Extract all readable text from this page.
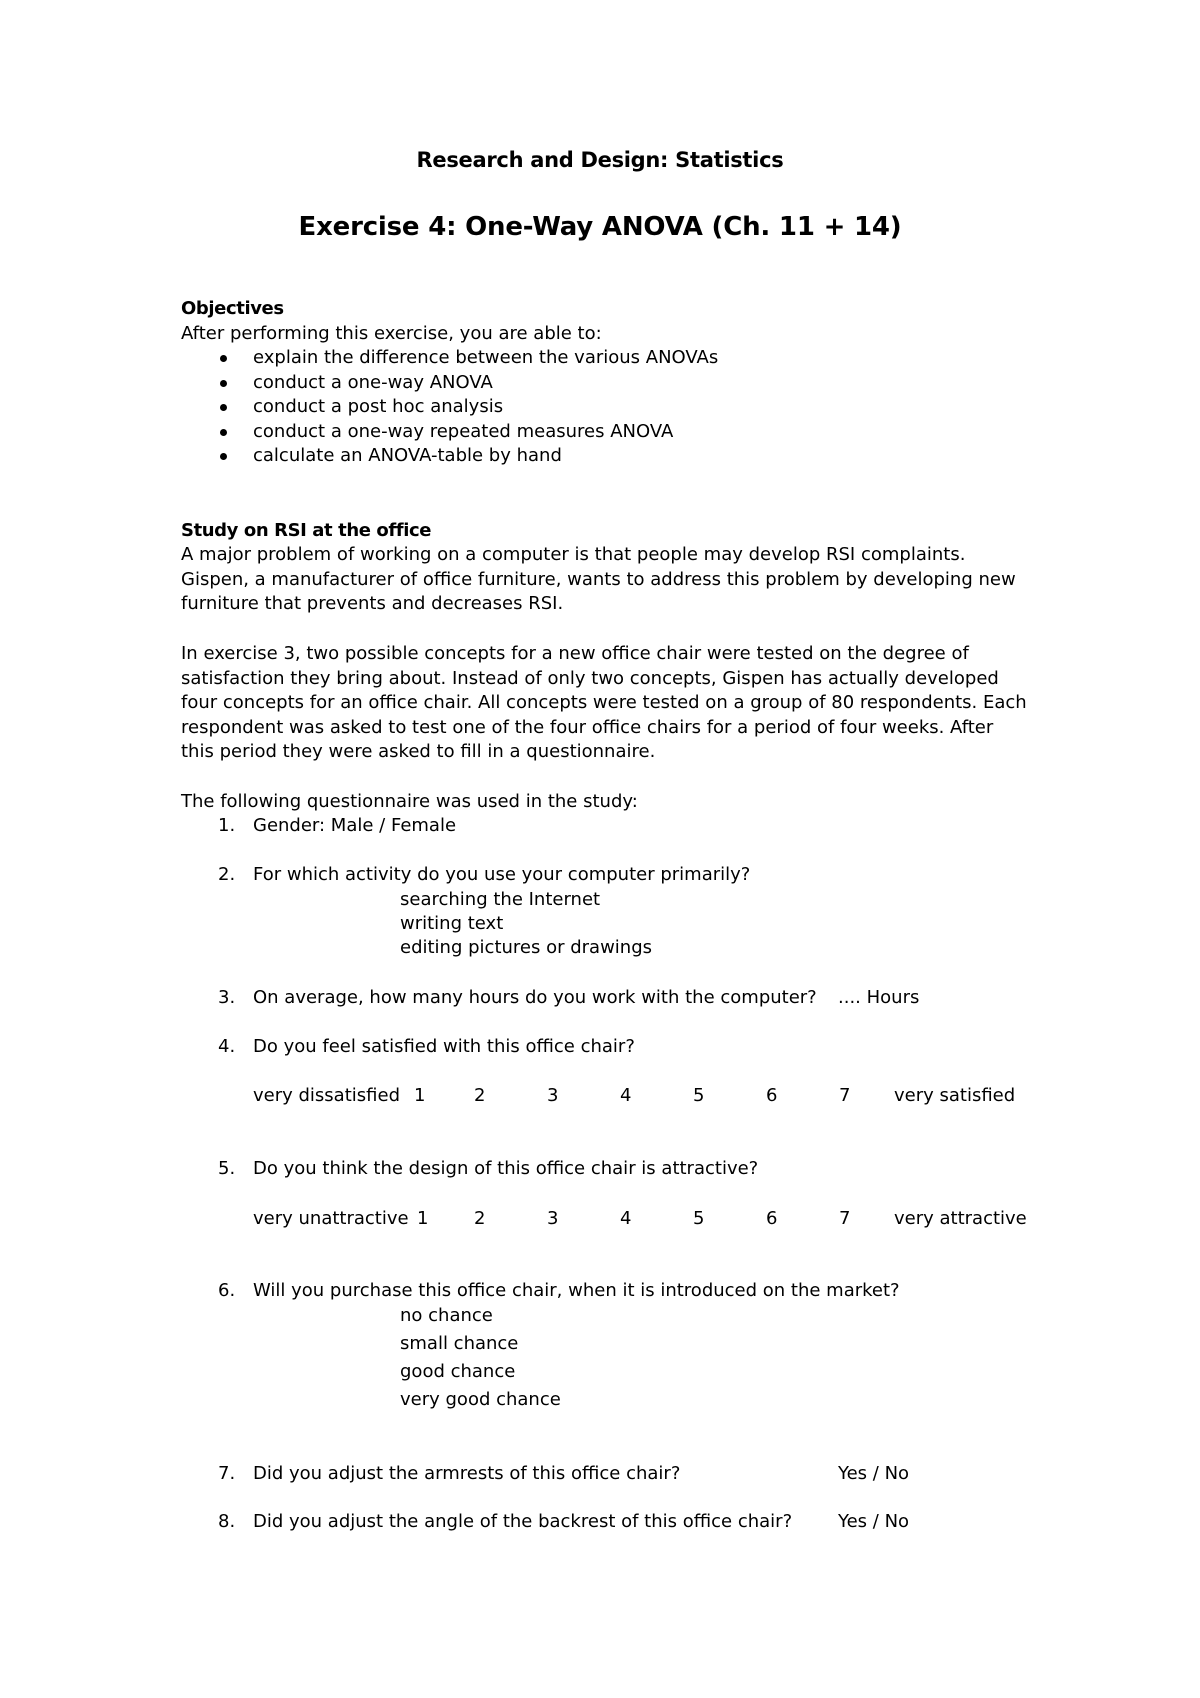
Research and Design: Statistics
Exercise 4: One-Way ANOVA (Ch. 11 + 14)
Objectives
After performing this exercise, you are able to:
explain the difference between the various ANOVAs
conduct a one-way ANOVA
conduct a post hoc analysis
conduct a one-way repeated measures ANOVA
calculate an ANOVA-table by hand
Study on RSI at the office
A major problem of working on a computer is that people may develop RSI complaints.
Gispen, a manufacturer of office furniture, wants to address this problem by developing new
furniture that prevents and decreases RSI.
In exercise 3, two possible concepts for a new office chair were tested on the degree of
satisfaction they bring about. Instead of only two concepts, Gispen has actually developed
four concepts for an office chair. All concepts were tested on a group of 80 respondents. Each
respondent was asked to test one of the four office chairs for a period of four weeks. After
this period they were asked to fill in a questionnaire.
The following questionnaire was used in the study:
1. Gender: Male / Female
2. For which activity do you use your computer primarily?
searching the Internet
writing text
editing pictures or drawings
3. On average, how many hours do you work with the computer? .... Hours
4. Do you feel satisfied with this office chair?
very dissatisfied 1	2	3	4	5	6	7 very satisfied
5. Do you think the design of this office chair is attractive?
very unattractive 1	2	3	4	5	6	7 very attractive
6. Will you purchase this office chair, when it is introduced on the market?
no chance
small chance
good chance
very good chance
7. Did you adjust the armrests of this office chair?	Yes / No
8. Did you adjust the angle of the backrest of this office chair?	Yes / No
